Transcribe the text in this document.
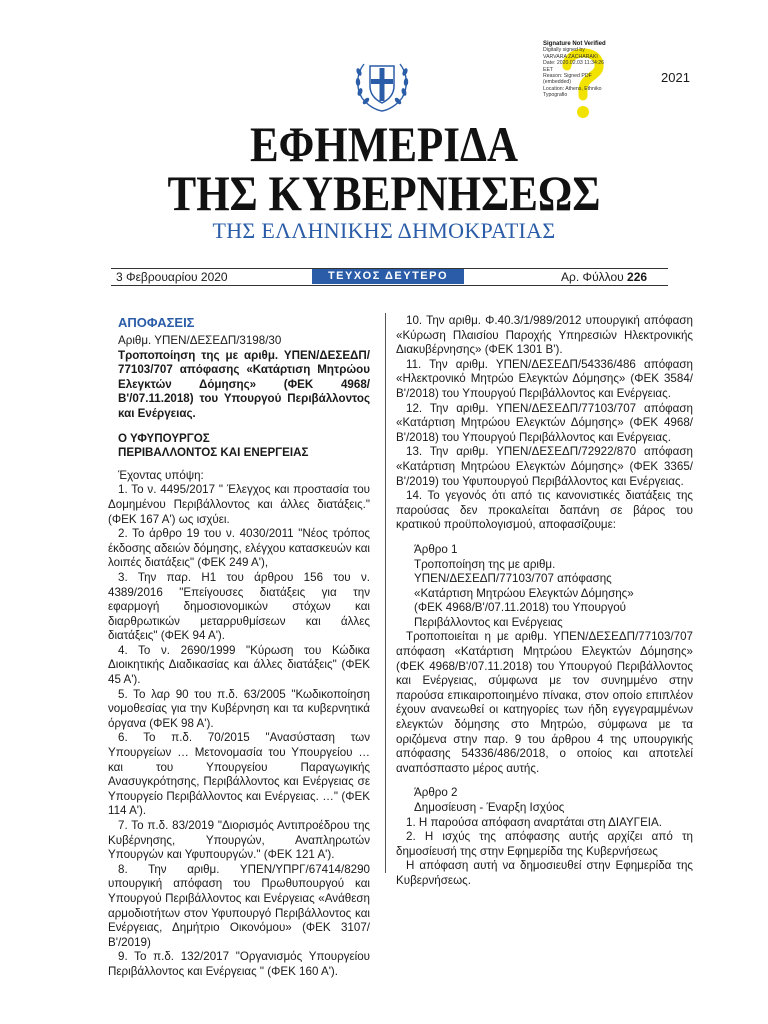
Signature Not Verified
Digitally signed by
VARVARA ZACHARAKI
Date: 2020.02.03 11:34:26
EET
Reason: Signed PDF
(embedded)
Location: Athens, Ethniko
Typografio
2021
ΕΦΗΜΕΡΙΔΑ
ΤΗΣ ΚΥΒΕΡΝΗΣΕΩΣ
ΤΗΣ ΕΛΛΗΝΙΚΗΣ ΔΗΜΟΚΡΑΤΙΑΣ
3 Φεβρουαρίου 2020	ΤΕΥΧΟΣ ΔΕΥΤΕΡΟ	Αρ. Φύλλου 226
ΑΠΟΦΑΣΕΙΣ
Αριθμ. ΥΠΕΝ/ΔΕΣΕΔΠ/3198/30
Τροποποίηση της με αριθμ. ΥΠΕΝ/ΔΕΣΕΔΠ/ 77103/707 απόφασης «Κατάρτιση Μητρώου Ελεγκτών Δόμησης» (ΦΕΚ 4968/Β'/07.11.2018) του Υπουργού Περιβάλλοντος και Ενέργειας.
Ο ΥΦΥΠΟΥΡΓΟΣ
ΠΕΡΙΒΑΛΛΟΝΤΟΣ ΚΑΙ ΕΝΕΡΓΕΙΑΣ

Έχοντας υπόψη:

1. Το ν. 4495/2017 " Έλεγχος και προστασία του Δομημένου Περιβάλλοντος και άλλες διατάξεις." (ΦΕΚ 167 Α') ως ισχύει.

2. Το άρθρο 19 του ν. 4030/2011 "Νέος τρόπος έκδοσης αδειών δόμησης, ελέγχου κατασκευών και λοιπές διατάξεις" (ΦΕΚ 249 Α'),

3. Την παρ. Η1 του άρθρου 156 του ν. 4389/2016 "Επείγουσες διατάξεις για την εφαρμογή δημοσιονομικών στόχων και διαρθρωτικών μεταρρυθμίσεων και άλλες διατάξεις" (ΦΕΚ 94 Α').

4. Το ν. 2690/1999 "Κύρωση του Κώδικα Διοικητικής Διαδικασίας και άλλες διατάξεις" (ΦΕΚ 45 Α').

5. Το λαρ 90 του π.δ. 63/2005 "Κωδικοποίηση νομοθεσίας για την Κυβέρνηση και τα κυβερνητικά όργανα (ΦΕΚ 98 Α').

6. Το π.δ. 70/2015 "Ανασύσταση των Υπουργείων … Μετονομασία του Υπουργείου … και του Υπουργείου Παραγωγικής Ανασυγκρότησης, Περιβάλλοντος και Ενέργειας σε Υπουργείο Περιβάλλοντος και Ενέργειας. …" (ΦΕΚ 114 Α').

7. Το π.δ. 83/2019 "Διορισμός Αντιπροέδρου της Κυβέρνησης, Υπουργών, Αναπληρωτών Υπουργών και Υφυπουργών." (ΦΕΚ 121 Α').

8. Την αριθμ. ΥΠΕΝ/ΥΠΡΓ/67414/8290 υπουργική απόφαση του Πρωθυπουργού και Υπουργού Περιβάλλοντος και Ενέργειας «Ανάθεση αρμοδιοτήτων στον Υφυπουργό Περιβάλλοντος και Ενέργειας, Δημήτριο Οικονόμου» (ΦΕΚ 3107/Β'/2019)

9. Το π.δ. 132/2017 "Οργανισμός Υπουργείου Περιβάλλοντος και Ενέργειας " (ΦΕΚ 160 Α').

10. Την αριθμ. Φ.40.3/1/989/2012 υπουργική απόφαση «Κύρωση Πλαισίου Παροχής Υπηρεσιών Ηλεκτρονικής Διακυβέρνησης» (ΦΕΚ 1301 Β').

11. Την αριθμ. ΥΠΕΝ/ΔΕΣΕΔΠ/54336/486 απόφαση «Ηλεκτρονικό Μητρώο Ελεγκτών Δόμησης» (ΦΕΚ 3584/ Β'/2018) του Υπουργού Περιβάλλοντος και Ενέργειας.

12. Την αριθμ. ΥΠΕΝ/ΔΕΣΕΔΠ/77103/707 απόφαση «Κατάρτιση Μητρώου Ελεγκτών Δόμησης» (ΦΕΚ 4968/ Β'/2018) του Υπουργού Περιβάλλοντος και Ενέργειας.

13. Την αριθμ. ΥΠΕΝ/ΔΕΣΕΔΠ/72922/870 απόφαση «Κατάρτιση Μητρώου Ελεγκτών Δόμησης» (ΦΕΚ 3365/ Β'/2019) του Υφυπουργού Περιβάλλοντος και Ενέργειας.

14. Το γεγονός ότι από τις κανονιστικές διατάξεις της παρούσας δεν προκαλείται δαπάνη σε βάρος του κρατικού προϋπολογισμού, αποφασίζουμε:

Άρθρο 1
Τροποποίηση της με αριθμ.
ΥΠΕΝ/ΔΕΣΕΔΠ/77103/707 απόφασης
«Κατάρτιση Μητρώου Ελεγκτών Δόμησης»
(ΦΕΚ 4968/Β'/07.11.2018) του Υπουργού
Περιβάλλοντος και Ενέργειας

Τροποποιείται η με αριθμ. ΥΠΕΝ/ΔΕΣΕΔΠ/77103/707 απόφαση «Κατάρτιση Μητρώου Ελεγκτών Δόμησης» (ΦΕΚ 4968/Β'/07.11.2018) του Υπουργού Περιβάλλοντος και Ενέργειας, σύμφωνα με τον συνημμένο στην παρούσα επικαιροποιημένο πίνακα, στον οποίο επιπλέον έχουν ανανεωθεί οι κατηγορίες των ήδη εγγεγραμμένων ελεγκτών δόμησης στο Μητρώο, σύμφωνα με τα οριζόμενα στην παρ. 9 του άρθρου 4 της υπουργικής απόφασης 54336/486/2018, ο οποίος και αποτελεί αναπόσπαστο μέρος αυτής.

Άρθρο 2
Δημοσίευση - Έναρξη Ισχύος

1. Η παρούσα απόφαση αναρτάται στη ΔΙΑΥΓΕΙΑ.

2. Η ισχύς της απόφασης αυτής αρχίζει από τη δημοσίευσή της στην Εφημερίδα της Κυβερνήσεως

Η απόφαση αυτή να δημοσιευθεί στην Εφημερίδα της Κυβερνήσεως.
